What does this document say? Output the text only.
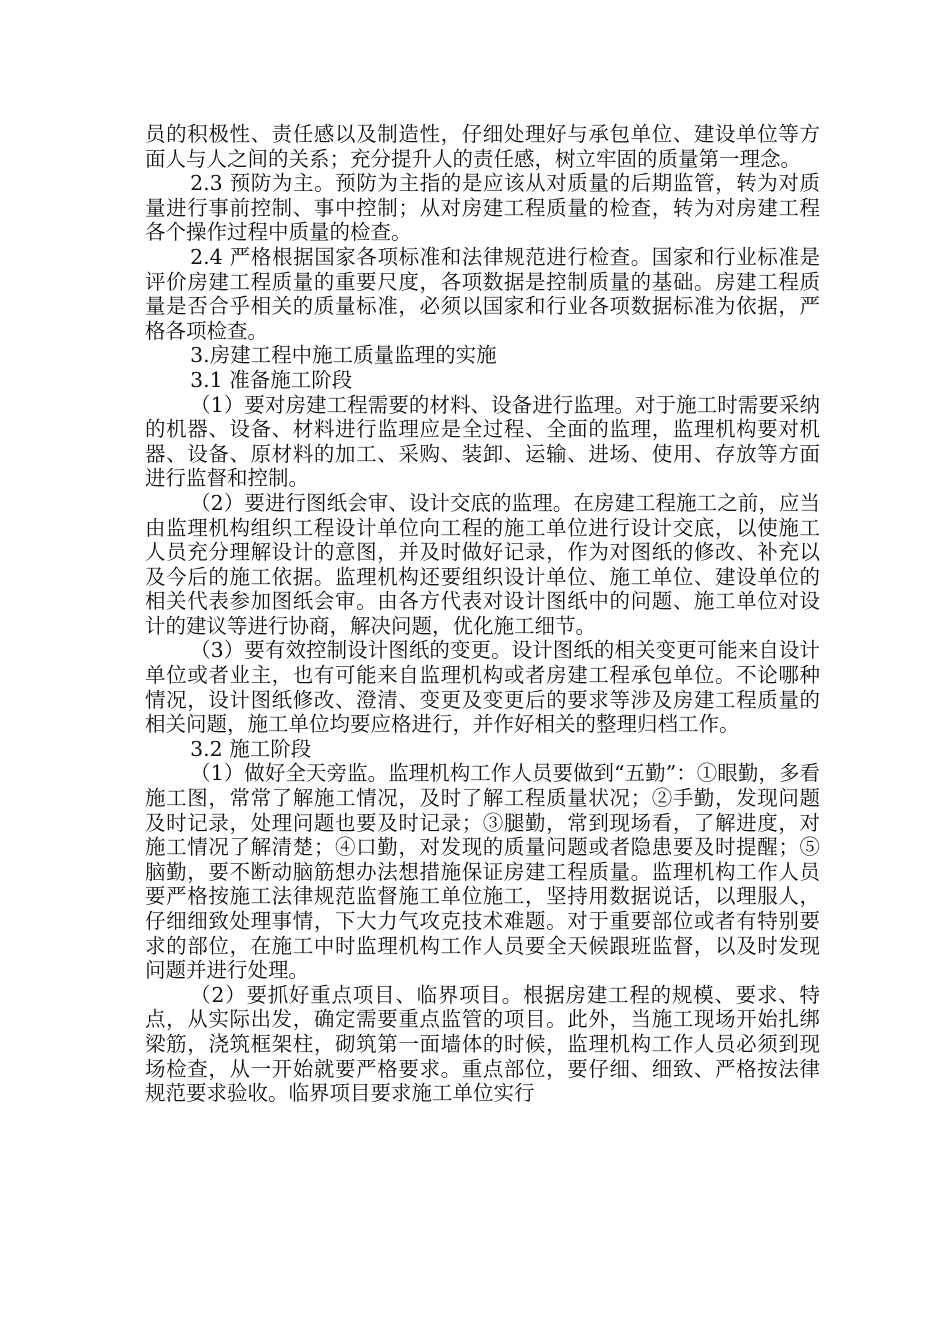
员的积极性、责任感以及制造性，仔细处理好与承包单位、建设单位等方面人与人之间的关系；充分提升人的责任感，树立牢固的质量第一理念。

2.3 预防为主。预防为主指的是应该从对质量的后期监管，转为对质量进行事前控制、事中控制；从对房建工程质量的检查，转为对房建工程各个操作过程中质量的检查。

2.4 严格根据国家各项标准和法律规范进行检查。国家和行业标准是评价房建工程质量的重要尺度，各项数据是控制质量的基础。房建工程质量是否合乎相关的质量标准，必须以国家和行业各项数据标准为依据，严格各项检查。

3.房建工程中施工质量监理的实施

3.1 准备施工阶段

（1）要对房建工程需要的材料、设备进行监理。对于施工时需要采纳的机器、设备、材料进行监理应是全过程、全面的监理，监理机构要对机器、设备、原材料的加工、采购、装卸、运输、进场、使用、存放等方面进行监督和控制。

（2）要进行图纸会审、设计交底的监理。在房建工程施工之前，应当由监理机构组织工程设计单位向工程的施工单位进行设计交底，以使施工人员充分理解设计的意图，并及时做好记录，作为对图纸的修改、补充以及今后的施工依据。监理机构还要组织设计单位、施工单位、建设单位的相关代表参加图纸会审。由各方代表对设计图纸中的问题、施工单位对设计的建议等进行协商，解决问题，优化施工细节。

（3）要有效控制设计图纸的变更。设计图纸的相关变更可能来自设计单位或者业主，也有可能来自监理机构或者房建工程承包单位。不论哪种情况，设计图纸修改、澄清、变更及变更后的要求等涉及房建工程质量的相关问题，施工单位均要应格进行，并作好相关的整理归档工作。

3.2 施工阶段

（1）做好全天旁监。监理机构工作人员要做到“五勤”：①眼勤，多看施工图，常常了解施工情况，及时了解工程质量状况；②手勤，发现问题及时记录，处理问题也要及时记录；③腿勤，常到现场看，了解进度，对施工情况了解清楚；④口勤，对发现的质量问题或者隐患要及时提醒；⑤脑勤，要不断动脑筋想办法想措施保证房建工程质量。监理机构工作人员要严格按施工法律规范监督施工单位施工，坚持用数据说话，以理服人，仔细细致处理事情，下大力气攻克技术难题。对于重要部位或者有特别要求的部位，在施工中时监理机构工作人员要全天候跟班监督，以及时发现问题并进行处理。

（2）要抓好重点项目、临界项目。根据房建工程的规模、要求、特点，从实际出发，确定需要重点监管的项目。此外，当施工现场开始扎绑梁筋，浇筑框架柱，砌筑第一面墙体的时候，监理机构工作人员必须到现场检查，从一开始就要严格要求。重点部位，要仔细、细致、严格按法律规范要求验收。临界项目要求施工单位实行
